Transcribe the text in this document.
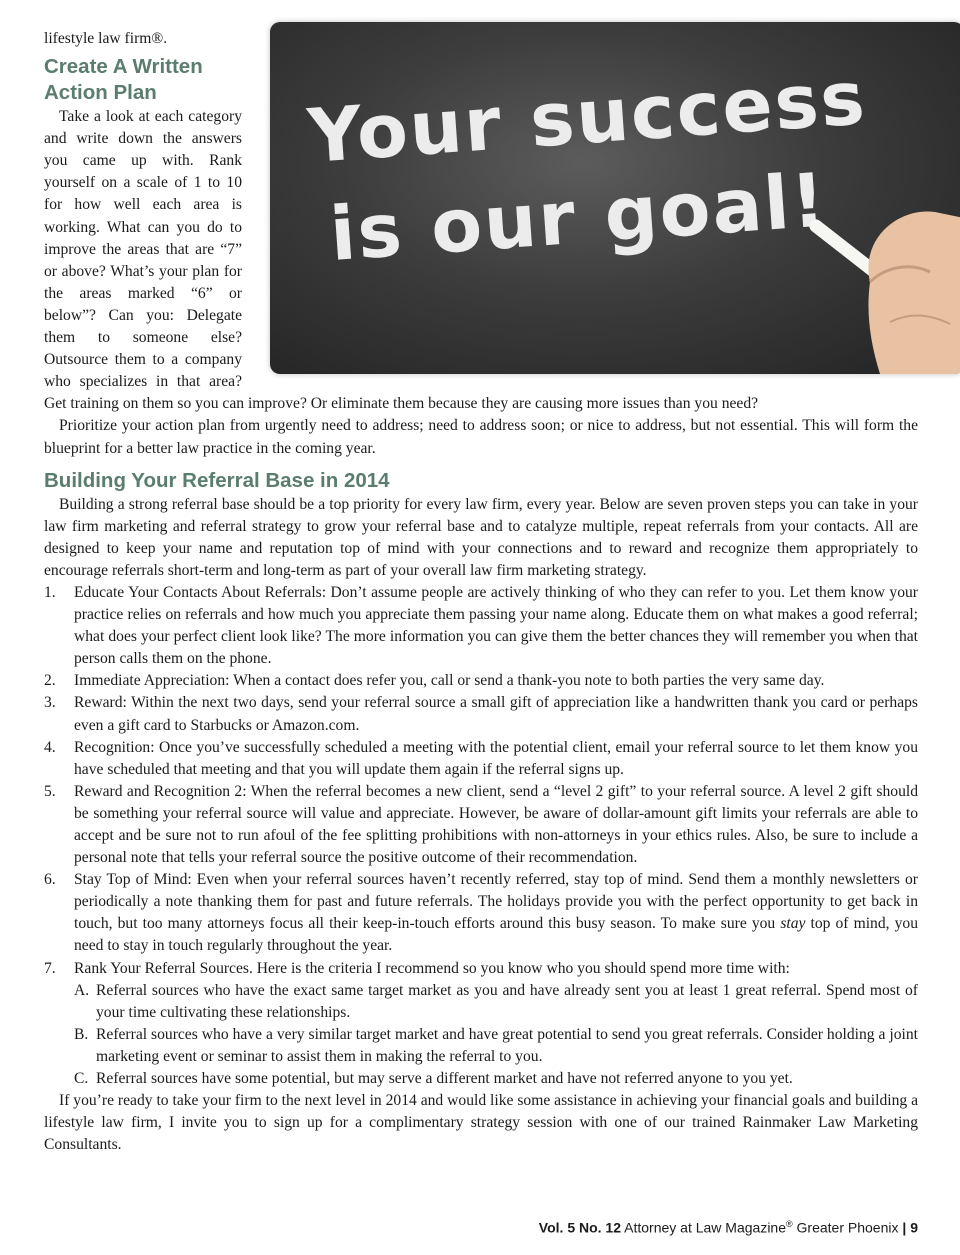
lifestyle law firm®.

Your success
is our goal!
Create A Written Action Plan

Take a look at each category and write down the answers you came up with. Rank yourself on a scale of 1 to 10 for how well each area is working. What can you do to improve the areas that are “7” or above? What’s your plan for the areas marked “6” or below”? Can you: Delegate them to someone else? Outsource them to a company who specializes in that area? Get training on them so you can improve? Or eliminate them because they are causing more issues than you need?

Prioritize your action plan from urgently need to address; need to address soon; or nice to address, but not essential. This will form the blueprint for a better law practice in the coming year.

Building Your Referral Base in 2014

Building a strong referral base should be a top priority for every law firm, every year. Below are seven proven steps you can take in your law firm marketing and referral strategy to grow your referral base and to catalyze multiple, repeat referrals from your contacts. All are designed to keep your name and reputation top of mind with your connections and to reward and recognize them appropriately to encourage referrals short-term and long-term as part of your overall law firm marketing strategy.

1. Educate Your Contacts About Referrals: Don’t assume people are actively thinking of who they can refer to you. Let them know your practice relies on referrals and how much you appreciate them passing your name along. Educate them on what makes a good referral; what does your perfect client look like? The more information you can give them the better chances they will remember you when that person calls them on the phone.
2. Immediate Appreciation: When a contact does refer you, call or send a thank-you note to both parties the very same day.
3. Reward: Within the next two days, send your referral source a small gift of appreciation like a handwritten thank you card or perhaps even a gift card to Starbucks or Amazon.com.
4. Recognition: Once you’ve successfully scheduled a meeting with the potential client, email your referral source to let them know you have scheduled that meeting and that you will update them again if the referral signs up.
5. Reward and Recognition 2: When the referral becomes a new client, send a “level 2 gift” to your referral source. A level 2 gift should be something your referral source will value and appreciate. However, be aware of dollar-amount gift limits your referrals are able to accept and be sure not to run afoul of the fee splitting prohibitions with non-attorneys in your ethics rules. Also, be sure to include a personal note that tells your referral source the positive outcome of their recommendation.
6. Stay Top of Mind: Even when your referral sources haven’t recently referred, stay top of mind. Send them a monthly newsletters or periodically a note thanking them for past and future referrals. The holidays provide you with the perfect opportunity to get back in touch, but too many attorneys focus all their keep-in-touch efforts around this busy season. To make sure you stay top of mind, you need to stay in touch regularly throughout the year.
7. Rank Your Referral Sources. Here is the criteria I recommend so you know who you should spend more time with:
A. Referral sources who have the exact same target market as you and have already sent you at least 1 great referral. Spend most of your time cultivating these relationships.
B. Referral sources who have a very similar target market and have great potential to send you great referrals. Consider holding a joint marketing event or seminar to assist them in making the referral to you.
C. Referral sources have some potential, but may serve a different market and have not referred anyone to you yet.

If you’re ready to take your firm to the next level in 2014 and would like some assistance in achieving your financial goals and building a lifestyle law firm, I invite you to sign up for a complimentary strategy session with one of our trained Rainmaker Law Marketing Consultants.

Vol. 5 No. 12 Attorney at Law Magazine® Greater Phoenix | 9
